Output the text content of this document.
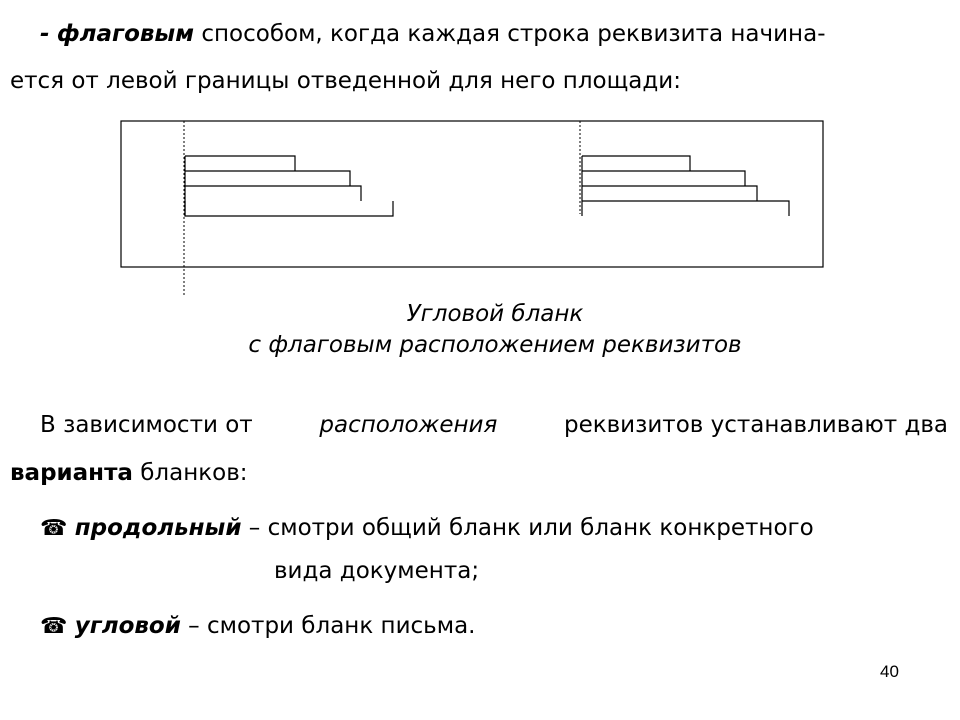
- флаговым способом, когда каждая строка реквизита начина-
ется от левой границы отведенной для него площади:
Угловой бланк
с флаговым расположением реквизитов
В зависимости от	расположения	реквизитов устанавливают два
варианта бланков:
☎ продольный – смотри общий бланк или бланк конкретного
вида документа;
☎ угловой – смотри бланк письма.
40
